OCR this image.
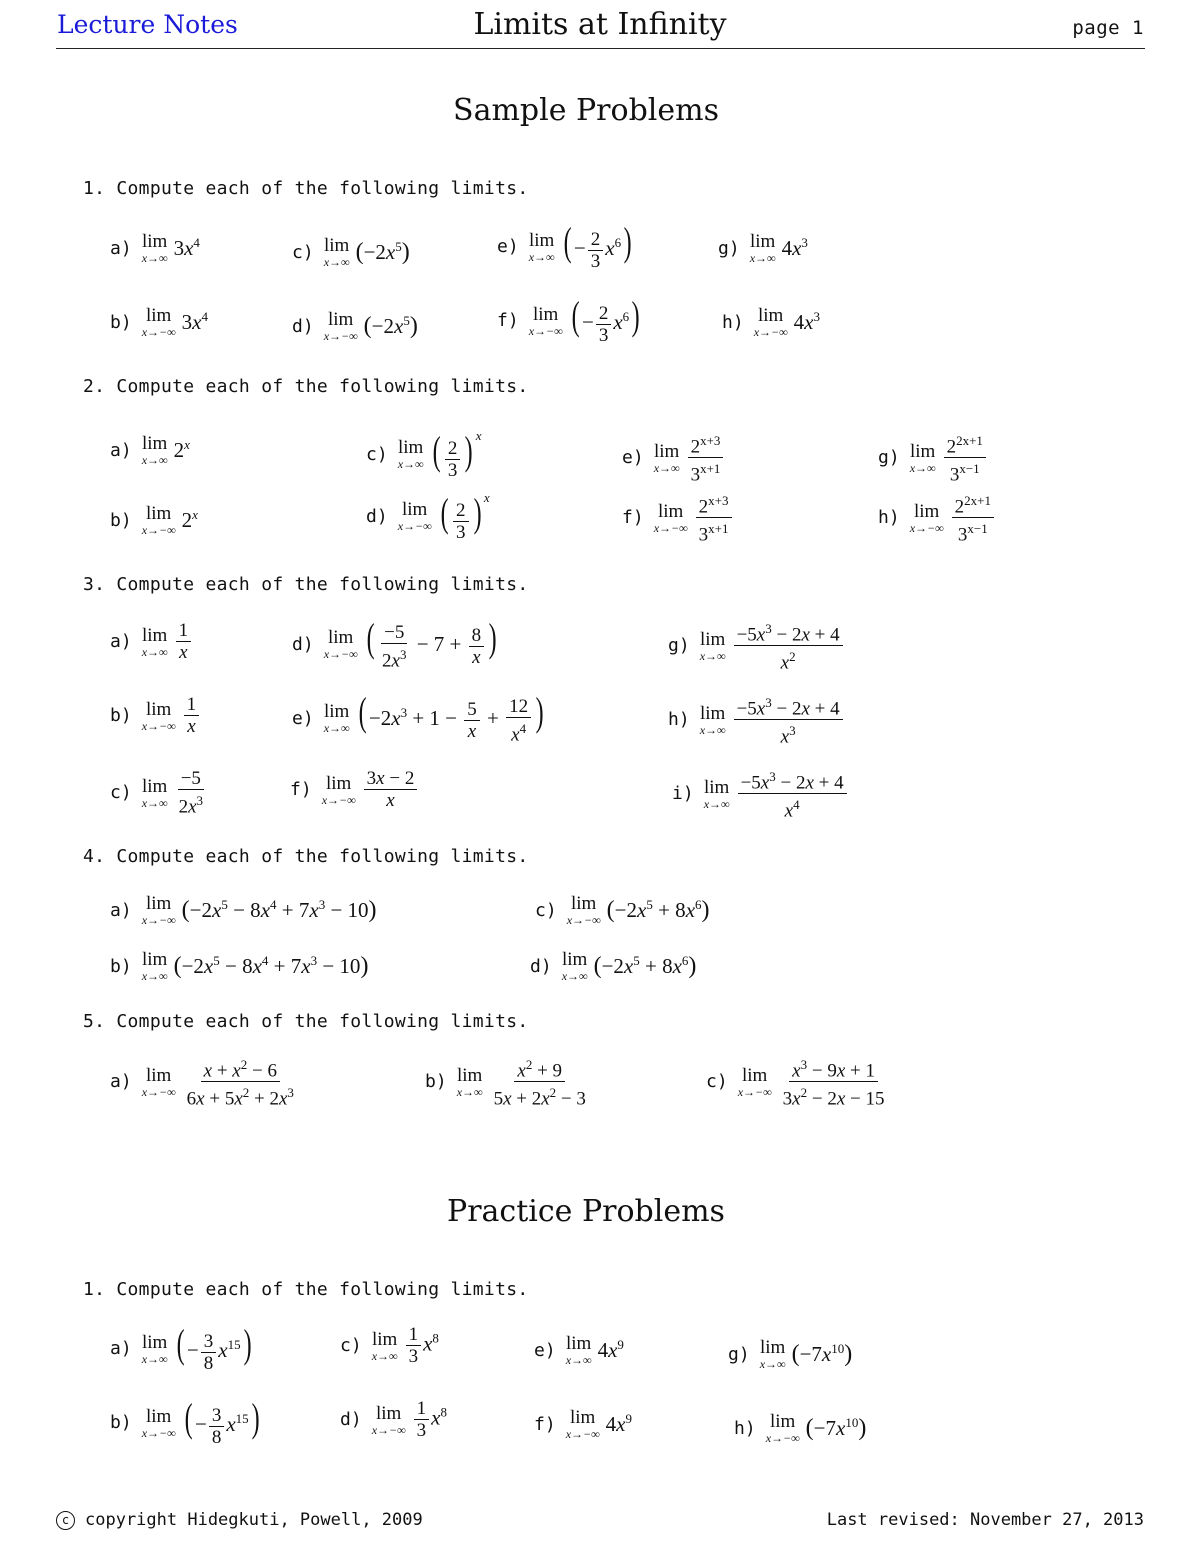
Lecture Notes	Limits at Infinity	page 1
Sample Problems
1. Compute each of the following limits.
a) lim
x→∞ $3x^4$	c) lim
x→∞ $(-2x^5)$	e) lim
x→∞ ( − $\frac{2}{3} x^6$)	g) lim
x→∞ $4x^3$
b) lim
x→−∞ $3x^4$	d) lim
x→−∞ $(-2x^5)$	f) lim
x→−∞ ( − $\frac{2}{3} x^6$)	h) lim
x→−∞ $4x^3$
2. Compute each of the following limits.
a) lim
x→∞ 2$^x$
b) lim
x→−∞ 2$^x$
c) lim
x→∞ ( $\frac{2}{3}$ ) $^x$
d) lim
x→−∞ ( $\frac{2}{3}$ ) $^x$
e) lim
$x\to\infty \frac{2^{x+3}}{3^{x+1}}$
f) lim
$x\to-\infty \frac{2^{x+3}}{3^{x+1}}$
g) lim
$x\to\infty \frac{2^{2x+1}}{3^{x-1}}$
h) lim
$x\to-\infty \frac{2^{2x+1}}{3^{x-1}}$
3. Compute each of the following limits.
a) lim
$x\to\infty \frac{1}{x}$
b) lim
$x\to-\infty \frac{1}{x}$
c) lim
$x\to\infty \frac{-5}{2x^3}$
d) lim
x→−∞ ( $\frac{-5}{2x^3} - 7 + \frac{8}{x}$ )
e) lim
x→∞ ( $-2x^3 + 1 - \frac{5}{x} + \frac{12}{x^4}$ )
f) lim
$x\to-\infty \frac{3x - 2}{x}$
g) lim
$x\to\infty \frac{-5x^3 - 2x + 4}{x^2}$
h) lim
$x\to\infty \frac{-5x^3 - 2x + 4}{x^3}$
i) lim
$x\to\infty \frac{-5x^3 - 2x + 4}{x^4}$
4. Compute each of the following limits.
a) lim
x→−∞ $(-2x^5 - 8x^4 + 7x^3 - 10)$
b) lim
x→∞ $(-2x^5 - 8x^4 + 7x^3 - 10)$
c) lim
x→−∞ $(-2x^5 + 8x^6)$
d) lim
x→∞ $(-2x^5 + 8x^6)$
5. Compute each of the following limits.
a) lim
$x\to-\infty \frac{x + x^2 - 6}{6x + 5x^2 + 2x^3}$	b) lim
$x\to\infty \frac{x^2 + 9}{5x + 2x^2 - 3}$	c) lim
$x\to-\infty \frac{x^3 - 9x + 1}{3x^2 - 2x - 15}$
Practice Problems
1. Compute each of the following limits.
a) lim
x→∞ ( − $\frac{3}{8} x^{15}$)
b) lim
x→−∞ ( − $\frac{3}{8} x^{15}$)
c) lim
$x\to\infty \frac{1}{3} x^8$
d) lim
$x\to-\infty \frac{1}{3} x^8$
e) lim
x→∞ $4x^9$
f) lim
x→−∞ $4x^9$
g) lim
x→∞ $(-7x^{10})$
h) lim
x→−∞ $(-7x^{10})$
c copyright Hidegkuti, Powell, 2009	Last revised: November 27, 2013
